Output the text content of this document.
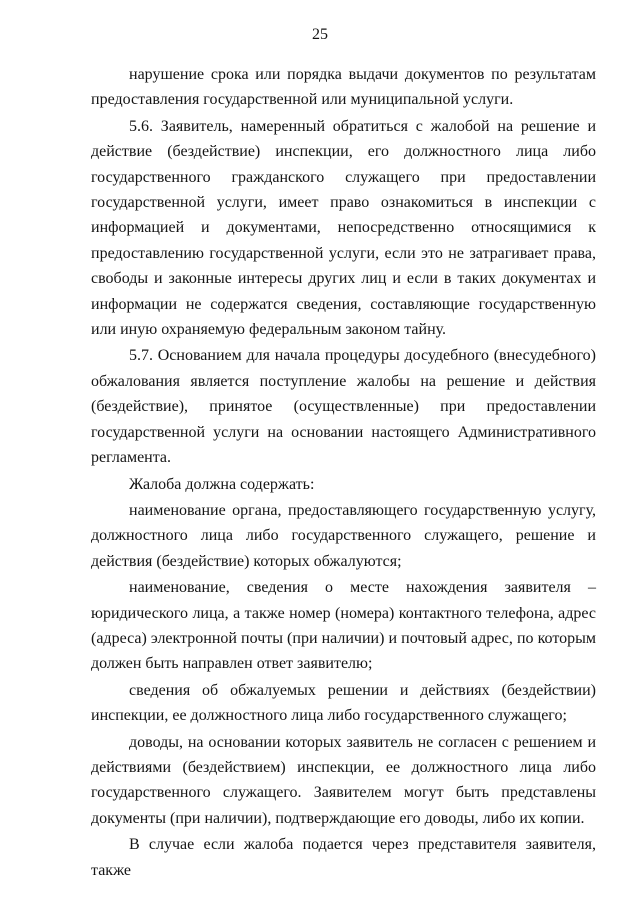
25

нарушение срока или порядка выдачи документов по результатам предоставления государственной или муниципальной услуги.

5.6. Заявитель, намеренный обратиться с жалобой на решение и действие (бездействие) инспекции, его должностного лица либо государственного гражданского служащего при предоставлении государственной услуги, имеет право ознакомиться в инспекции с информацией и документами, непосредственно относящимися к предоставлению государственной услуги, если это не затрагивает права, свободы и законные интересы других лиц и если в таких документах и информации не содержатся сведения, составляющие государственную или иную охраняемую федеральным законом тайну.

5.7. Основанием для начала процедуры досудебного (внесудебного) обжалования является поступление жалобы на решение и действия (бездействие), принятое (осуществленные) при предоставлении государственной услуги на основании настоящего Административного регламента.

Жалоба должна содержать:

наименование органа, предоставляющего государственную услугу, должностного лица либо государственного служащего, решение и действия (бездействие) которых обжалуются;

наименование, сведения о месте нахождения заявителя – юридического лица, а также номер (номера) контактного телефона, адрес (адреса) электронной почты (при наличии) и почтовый адрес, по которым должен быть направлен ответ заявителю;

сведения об обжалуемых решении и действиях (бездействии) инспекции, ее должностного лица либо государственного служащего;

доводы, на основании которых заявитель не согласен с решением и действиями (бездействием) инспекции, ее должностного лица либо государственного служащего. Заявителем могут быть представлены документы (при наличии), подтверждающие его доводы, либо их копии.

В случае если жалоба подается через представителя заявителя, также
